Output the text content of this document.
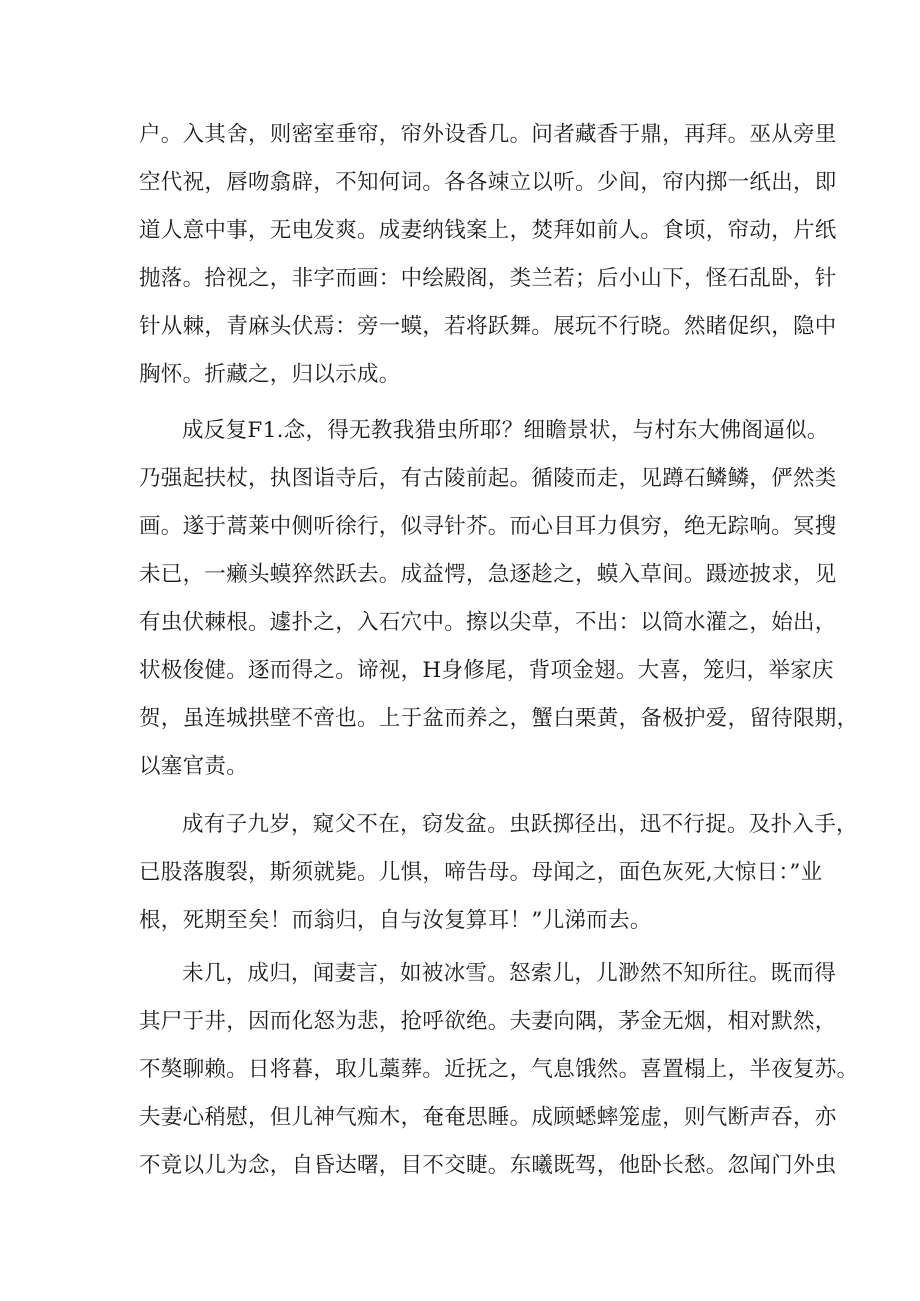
户。入其舍，则密室垂帘，帘外设香几。问者藏香于鼎，再拜。巫从旁里
空代祝，唇吻翕辟，不知何词。各各竦立以听。少间，帘内掷一纸出，即
道人意中事，无电发爽。成妻纳钱案上，焚拜如前人。食顷，帘动，片纸
抛落。拾视之，非字而画：中绘殿阁，类兰若；后小山下，怪石乱卧，针
针从棘，青麻头伏焉：旁一蟆，若将跃舞。展玩不行晓。然睹促织，隐中
胸怀。折藏之，归以示成。
成反复F1.念，得无教我猎虫所耶？细瞻景状，与村东大佛阁逼似。
乃强起扶杖，执图诣寺后，有古陵前起。循陵而走，见蹲石鳞鳞，俨然类
画。遂于蒿莱中侧听徐行，似寻针芥。而心目耳力俱穷，绝无踪响。冥搜
未已，一癞头蟆猝然跃去。成益愕，急逐趁之，蟆入草间。蹑迹披求，见
有虫伏棘根。遽扑之，入石穴中。擦以尖草，不出：以筒水灌之，始出，
状极俊健。逐而得之。谛视，H身修尾，背项金翅。大喜，笼归，举家庆
贺，虽连城拱壁不啻也。上于盆而养之，蟹白栗黄，备极护爱，留待限期，
以塞官责。
成有子九岁，窥父不在，窃发盆。虫跃掷径出，迅不行捉。及扑入手，
已股落腹裂，斯须就毙。儿惧，啼告母。母闻之，面色灰死,大惊日：”业
根，死期至矣！而翁归，自与汝复算耳！”儿涕而去。
未几，成归，闻妻言，如被冰雪。怒索儿，儿渺然不知所往。既而得
其尸于井，因而化怒为悲，抢呼欲绝。夫妻向隅，茅金无烟，相对默然，
不獒聊赖。日将暮，取儿藁葬。近抚之，气息饿然。喜置榻上，半夜复苏。
夫妻心稍慰，但儿神气痴木，奄奄思睡。成顾蟋蟀笼虚，则气断声吞，亦
不竟以儿为念，自昏达曙，目不交睫。东曦既驾，他卧长愁。忽闻门外虫
